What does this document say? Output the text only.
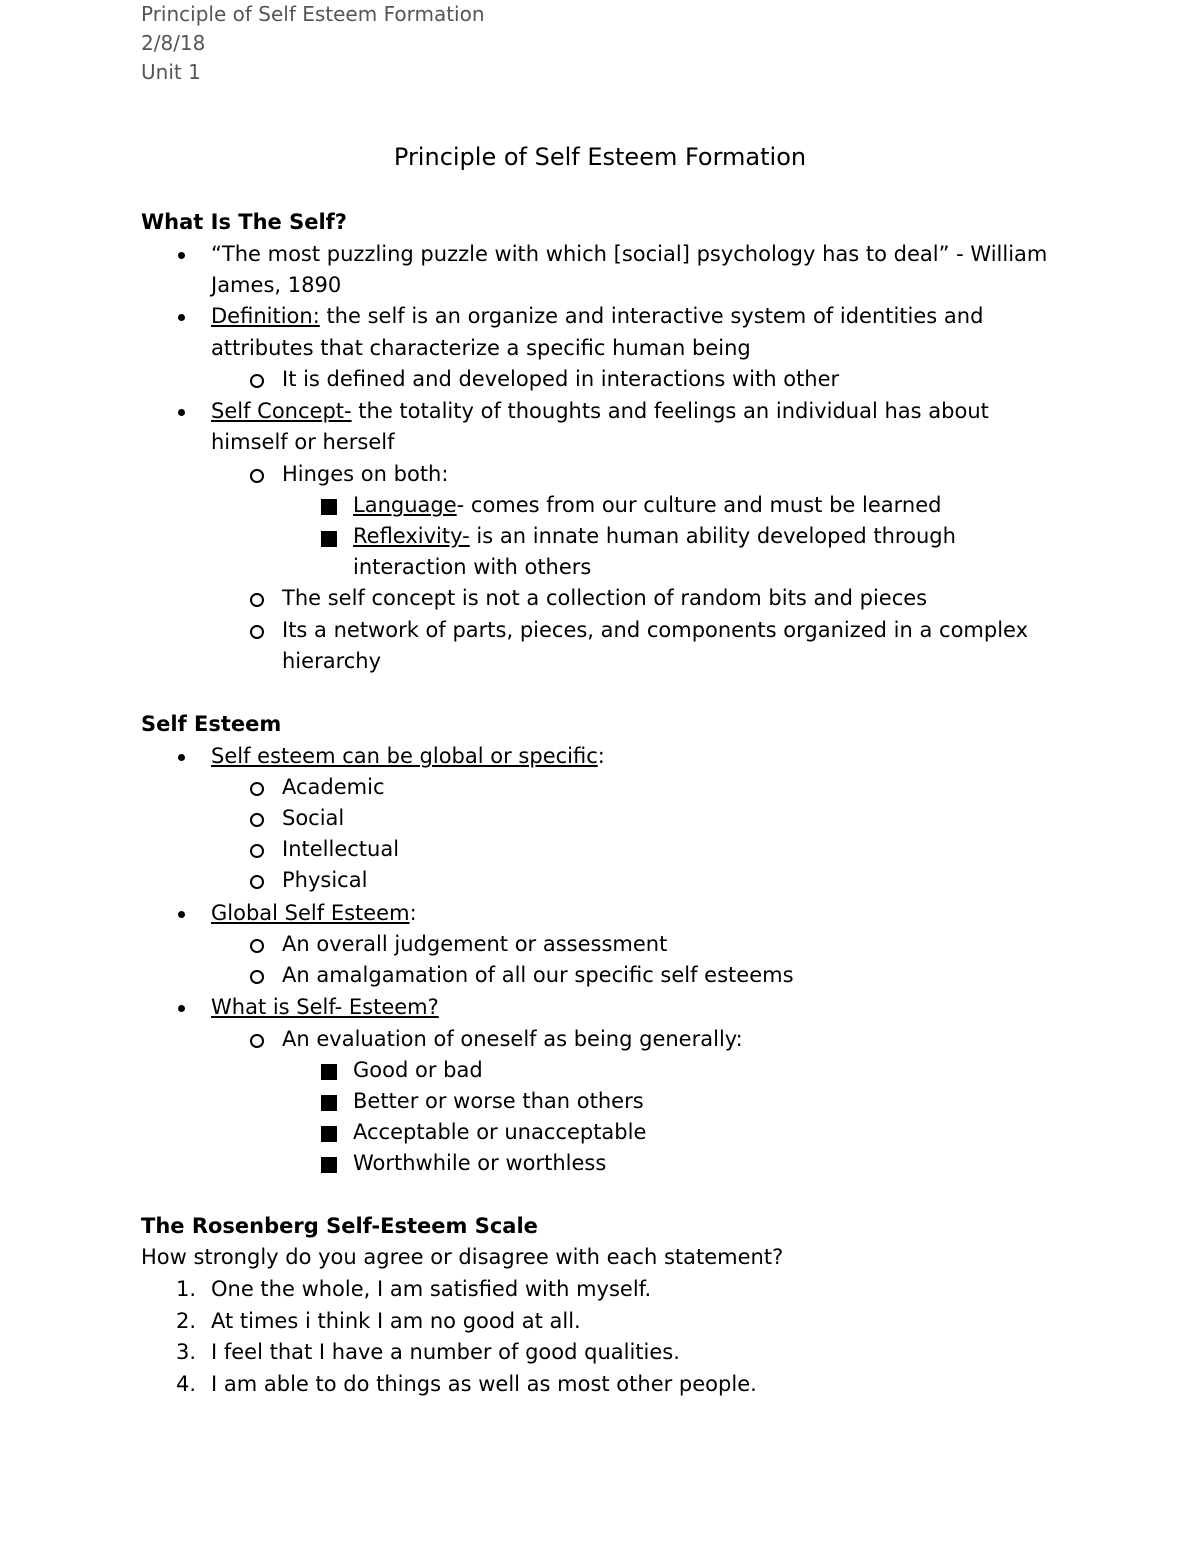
Principle of Self Esteem Formation
2/8/18
Unit 1
Principle of Self Esteem Formation
What Is The Self?
“The most puzzling puzzle with which [social] psychology has to deal” - William
James, 1890
Definition: the self is an organize and interactive system of identities and
attributes that characterize a specific human being
It is defined and developed in interactions with other
Self Concept- the totality of thoughts and feelings an individual has about
himself or herself
Hinges on both:
Language- comes from our culture and must be learned
Reflexivity- is an innate human ability developed through
interaction with others
The self concept is not a collection of random bits and pieces
Its a network of parts, pieces, and components organized in a complex
hierarchy
Self Esteem
Self esteem can be global or specific:
Academic
Social
Intellectual
Physical
Global Self Esteem:
An overall judgement or assessment
An amalgamation of all our specific self esteems
What is Self- Esteem?
An evaluation of oneself as being generally:
Good or bad
Better or worse than others
Acceptable or unacceptable
Worthwhile or worthless
The Rosenberg Self-Esteem Scale
How strongly do you agree or disagree with each statement?
1. One the whole, I am satisfied with myself.
2. At times i think I am no good at all.
3. I feel that I have a number of good qualities.
4. I am able to do things as well as most other people.
